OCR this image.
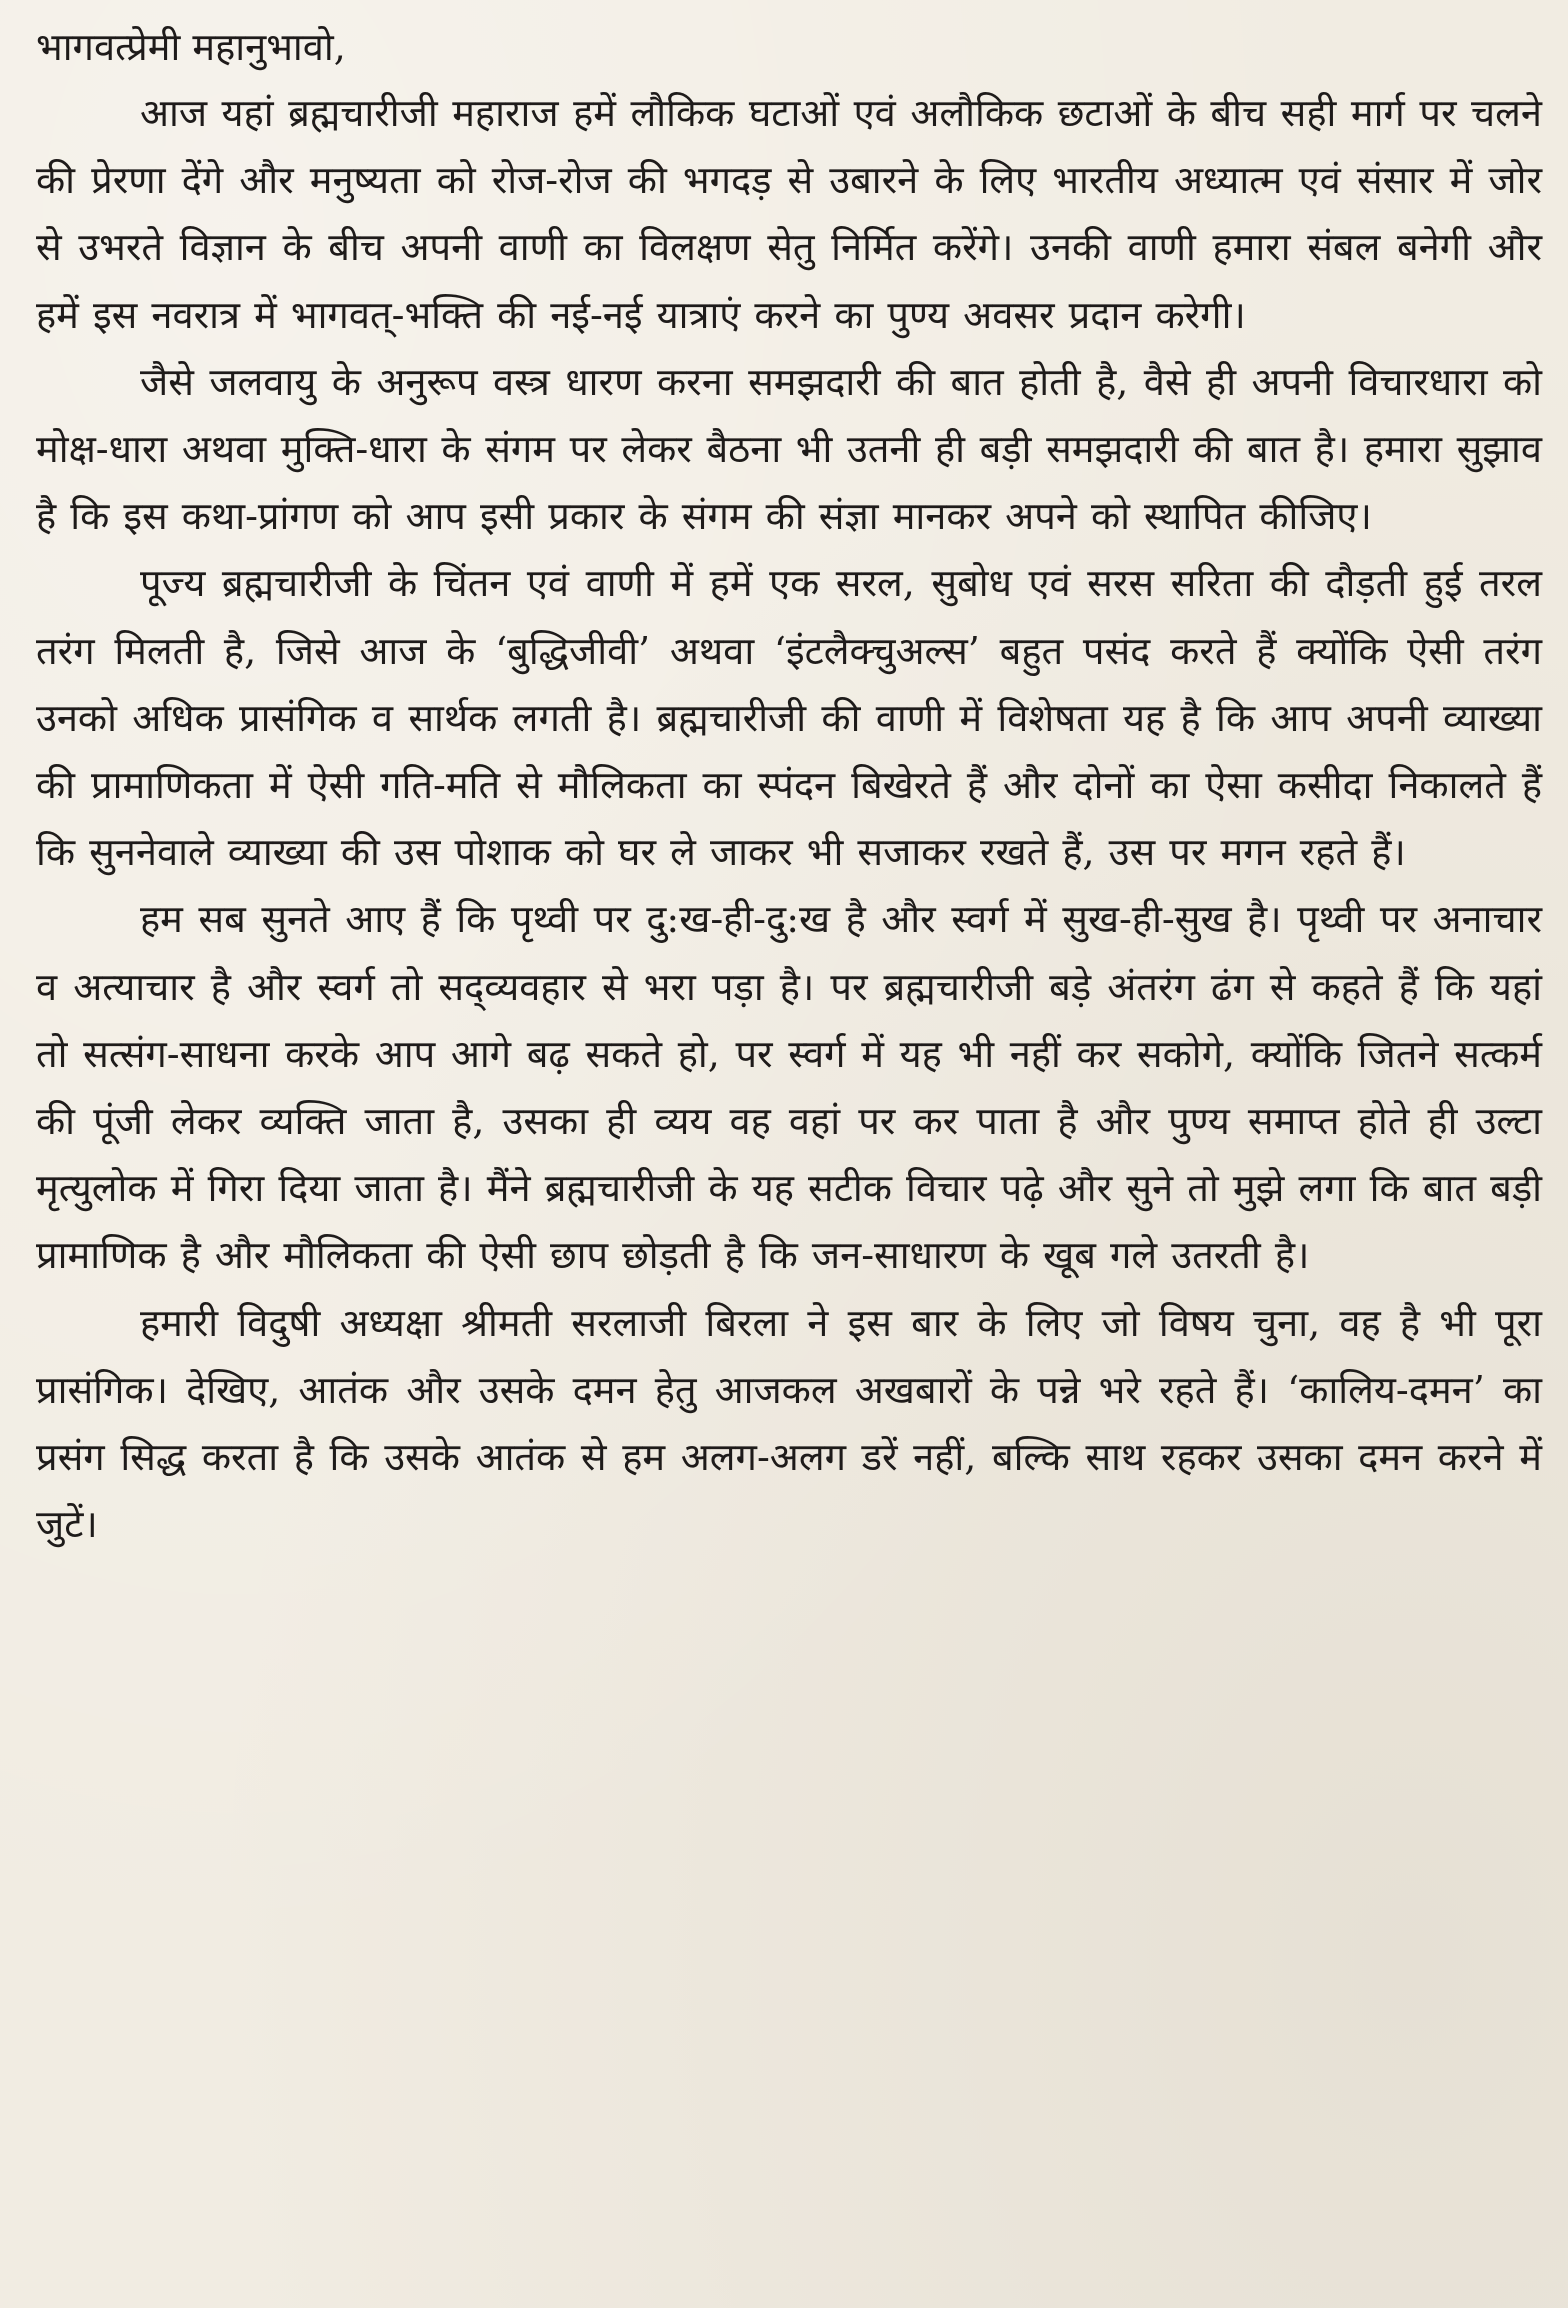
भागवत्प्रेमी महानुभावो,

आज यहां ब्रह्मचारीजी महाराज हमें लौकिक घटाओं एवं अलौकिक छटाओं के बीच सही मार्ग पर चलने की प्रेरणा देंगे और मनुष्यता को रोज-रोज की भगदड़ से उबारने के लिए भारतीय अध्यात्म एवं संसार में जोर से उभरते विज्ञान के बीच अपनी वाणी का विलक्षण सेतु निर्मित करेंगे। उनकी वाणी हमारा संबल बनेगी और हमें इस नवरात्र में भागवत्-भक्ति की नई-नई यात्राएं करने का पुण्य अवसर प्रदान करेगी।

जैसे जलवायु के अनुरूप वस्त्र धारण करना समझदारी की बात होती है, वैसे ही अपनी विचारधारा को मोक्ष-धारा अथवा मुक्ति-धारा के संगम पर लेकर बैठना भी उतनी ही बड़ी समझदारी की बात है। हमारा सुझाव है कि इस कथा-प्रांगण को आप इसी प्रकार के संगम की संज्ञा मानकर अपने को स्थापित कीजिए।

पूज्य ब्रह्मचारीजी के चिंतन एवं वाणी में हमें एक सरल, सुबोध एवं सरस सरिता की दौड़ती हुई तरल तरंग मिलती है, जिसे आज के ‘बुद्धिजीवी’ अथवा ‘इंटलैक्चुअल्स’ बहुत पसंद करते हैं क्योंकि ऐसी तरंग उनको अधिक प्रासंगिक व सार्थक लगती है। ब्रह्मचारीजी की वाणी में विशेषता यह है कि आप अपनी व्याख्या की प्रामाणिकता में ऐसी गति-मति से मौलिकता का स्पंदन बिखेरते हैं और दोनों का ऐसा कसीदा निकालते हैं कि सुननेवाले व्याख्या की उस पोशाक को घर ले जाकर भी सजाकर रखते हैं, उस पर मगन रहते हैं।

हम सब सुनते आए हैं कि पृथ्वी पर दु:ख-ही-दु:ख है और स्वर्ग में सुख-ही-सुख है। पृथ्वी पर अनाचार व अत्याचार है और स्वर्ग तो सद्‌व्यवहार से भरा पड़ा है। पर ब्रह्मचारीजी बड़े अंतरंग ढंग से कहते हैं कि यहां तो सत्संग-साधना करके आप आगे बढ़ सकते हो, पर स्वर्ग में यह भी नहीं कर सकोगे, क्योंकि जितने सत्कर्म की पूंजी लेकर व्यक्ति जाता है, उसका ही व्यय वह वहां पर कर पाता है और पुण्य समाप्त होते ही उल्टा मृत्युलोक में गिरा दिया जाता है। मैंने ब्रह्मचारीजी के यह सटीक विचार पढ़े और सुने तो मुझे लगा कि बात बड़ी प्रामाणिक है और मौलिकता की ऐसी छाप छोड़ती है कि जन-साधारण के खूब गले उतरती है।

हमारी विदुषी अध्यक्षा श्रीमती सरलाजी बिरला ने इस बार के लिए जो विषय चुना, वह है भी पूरा प्रासंगिक। देखिए, आतंक और उसके दमन हेतु आजकल अखबारों के पन्ने भरे रहते हैं। ‘कालिय-दमन’ का प्रसंग सिद्ध करता है कि उसके आतंक से हम अलग-अलग डरें नहीं, बल्कि साथ रहकर उसका दमन करने में जुटें।
